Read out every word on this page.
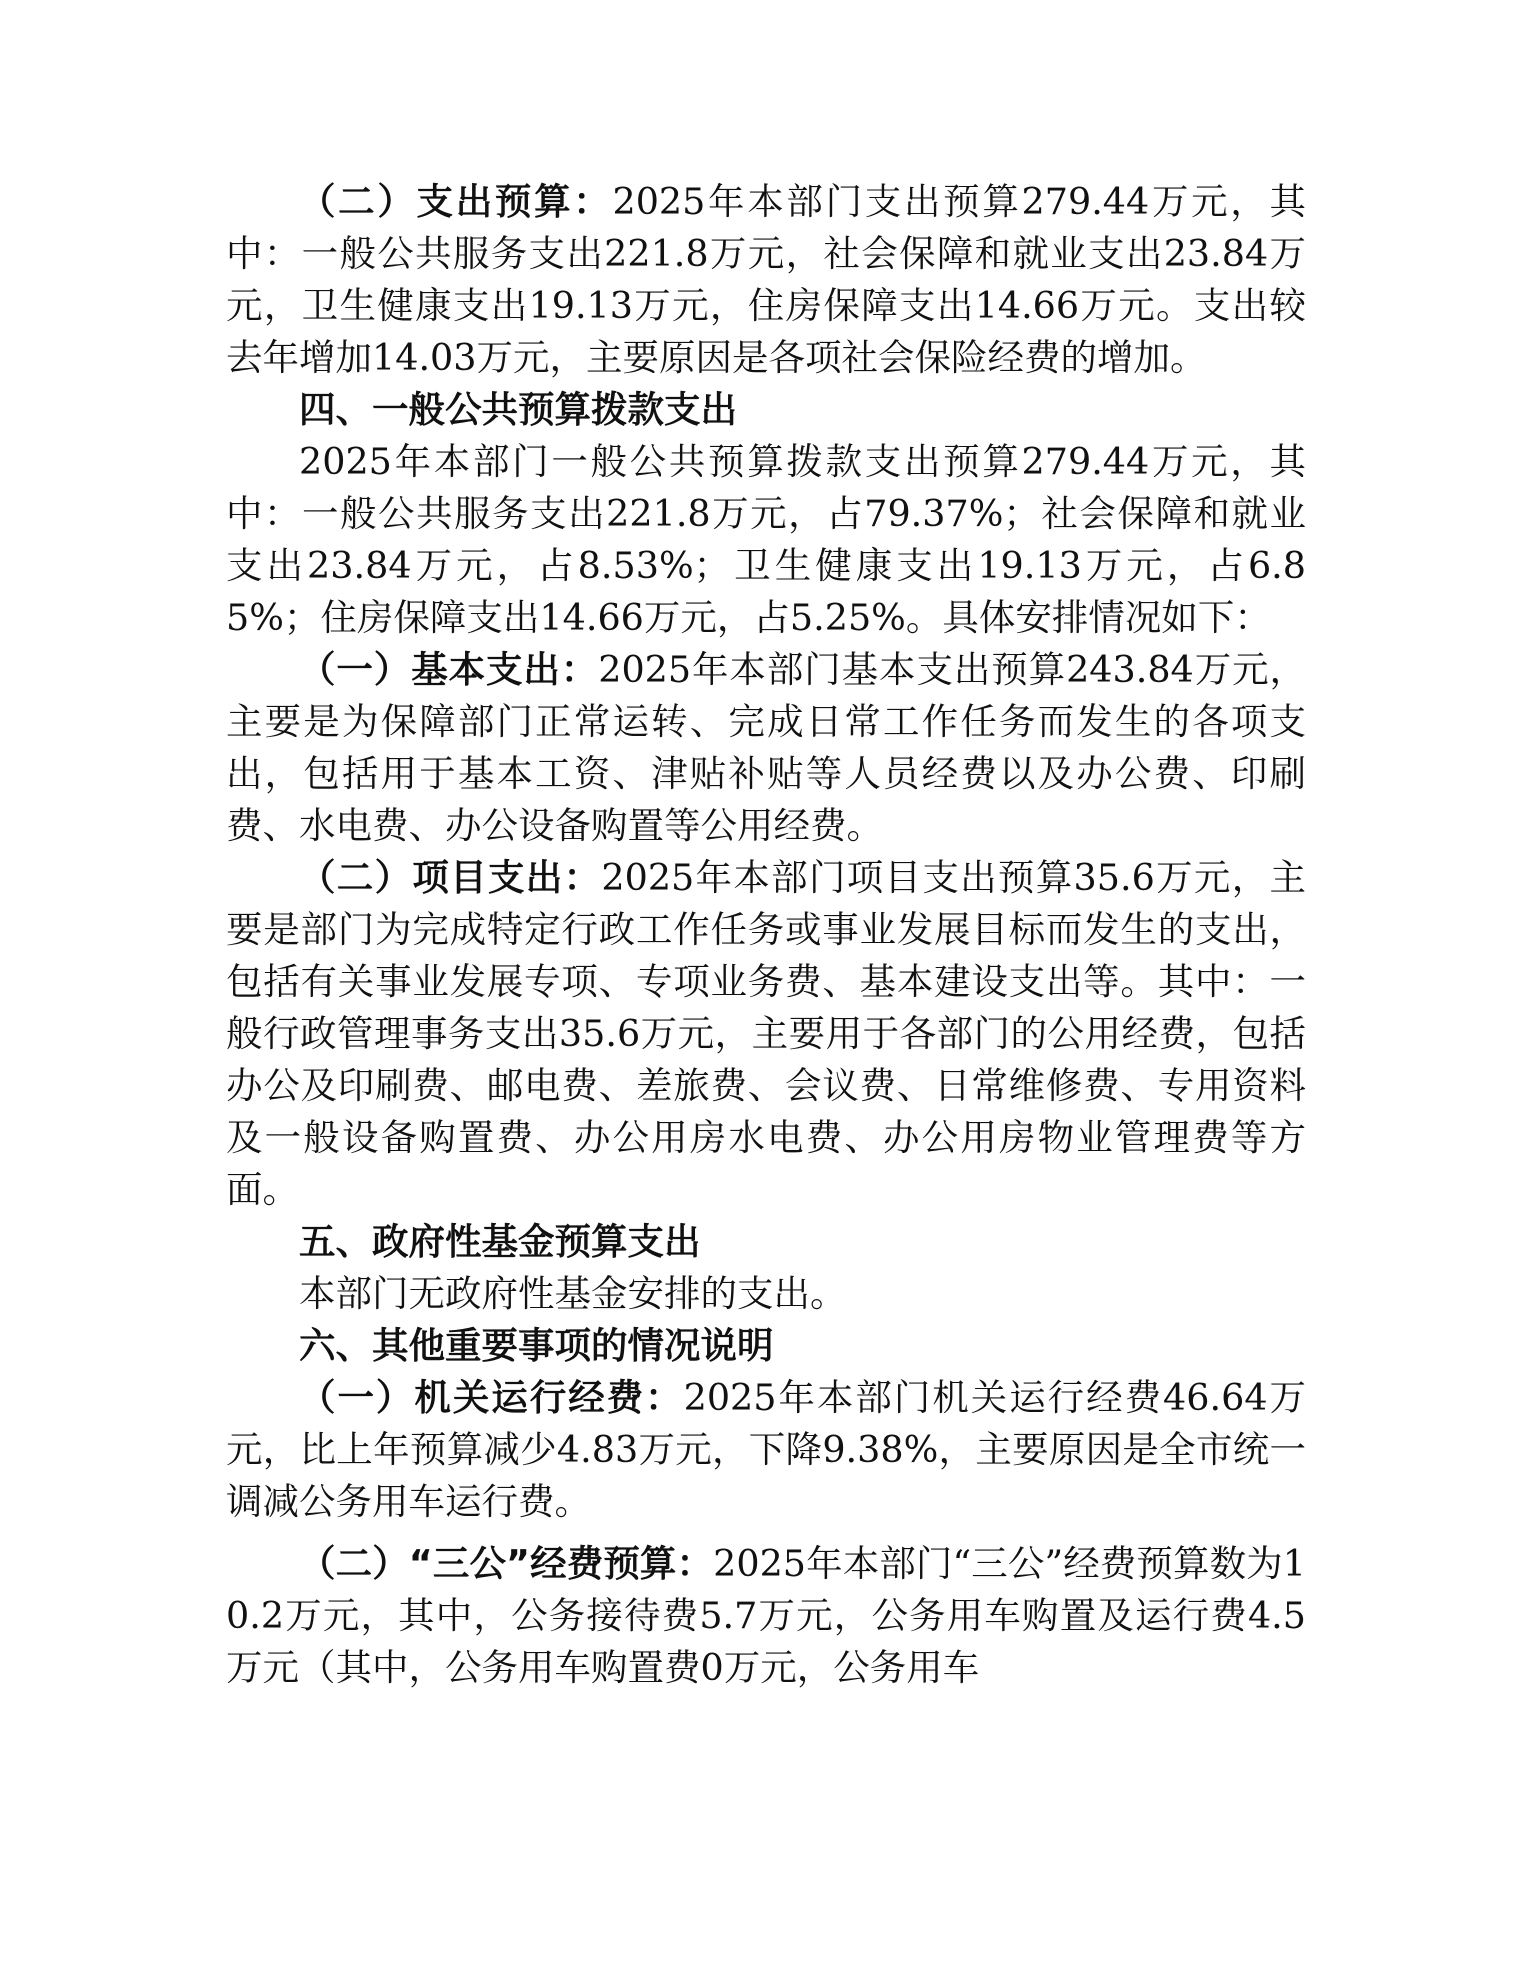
（二）支出预算：2025年本部门支出预算279.44万元，其中：一般公共服务支出221.8万元，社会保障和就业支出23.84万元，卫生健康支出19.13万元，住房保障支出14.66万元。支出较去年增加14.03万元，主要原因是各项社会保险经费的增加。

四、一般公共预算拨款支出

2025年本部门一般公共预算拨款支出预算279.44万元，其中：一般公共服务支出221.8万元，占79.37%；社会保障和就业支出23.84万元，占8.53%；卫生健康支出19.13万元，占6.85%；住房保障支出14.66万元，占5.25%。具体安排情况如下：

（一）基本支出：2025年本部门基本支出预算243.84万元，主要是为保障部门正常运转、完成日常工作任务而发生的各项支出，包括用于基本工资、津贴补贴等人员经费以及办公费、印刷费、水电费、办公设备购置等公用经费。

（二）项目支出：2025年本部门项目支出预算35.6万元，主要是部门为完成特定行政工作任务或事业发展目标而发生的支出，包括有关事业发展专项、专项业务费、基本建设支出等。其中：一般行政管理事务支出35.6万元，主要用于各部门的公用经费，包括办公及印刷费、邮电费、差旅费、会议费、日常维修费、专用资料及一般设备购置费、办公用房水电费、办公用房物业管理费等方面。

五、政府性基金预算支出

本部门无政府性基金安排的支出。

六、其他重要事项的情况说明

（一）机关运行经费：2025年本部门机关运行经费46.64万元，比上年预算减少4.83万元，下降9.38%，主要原因是全市统一调减公务用车运行费。

（二）“三公”经费预算：2025年本部门“三公”经费预算数为10.2万元，其中，公务接待费5.7万元，公务用车购置及运行费4.5万元（其中，公务用车购置费0万元，公务用车
